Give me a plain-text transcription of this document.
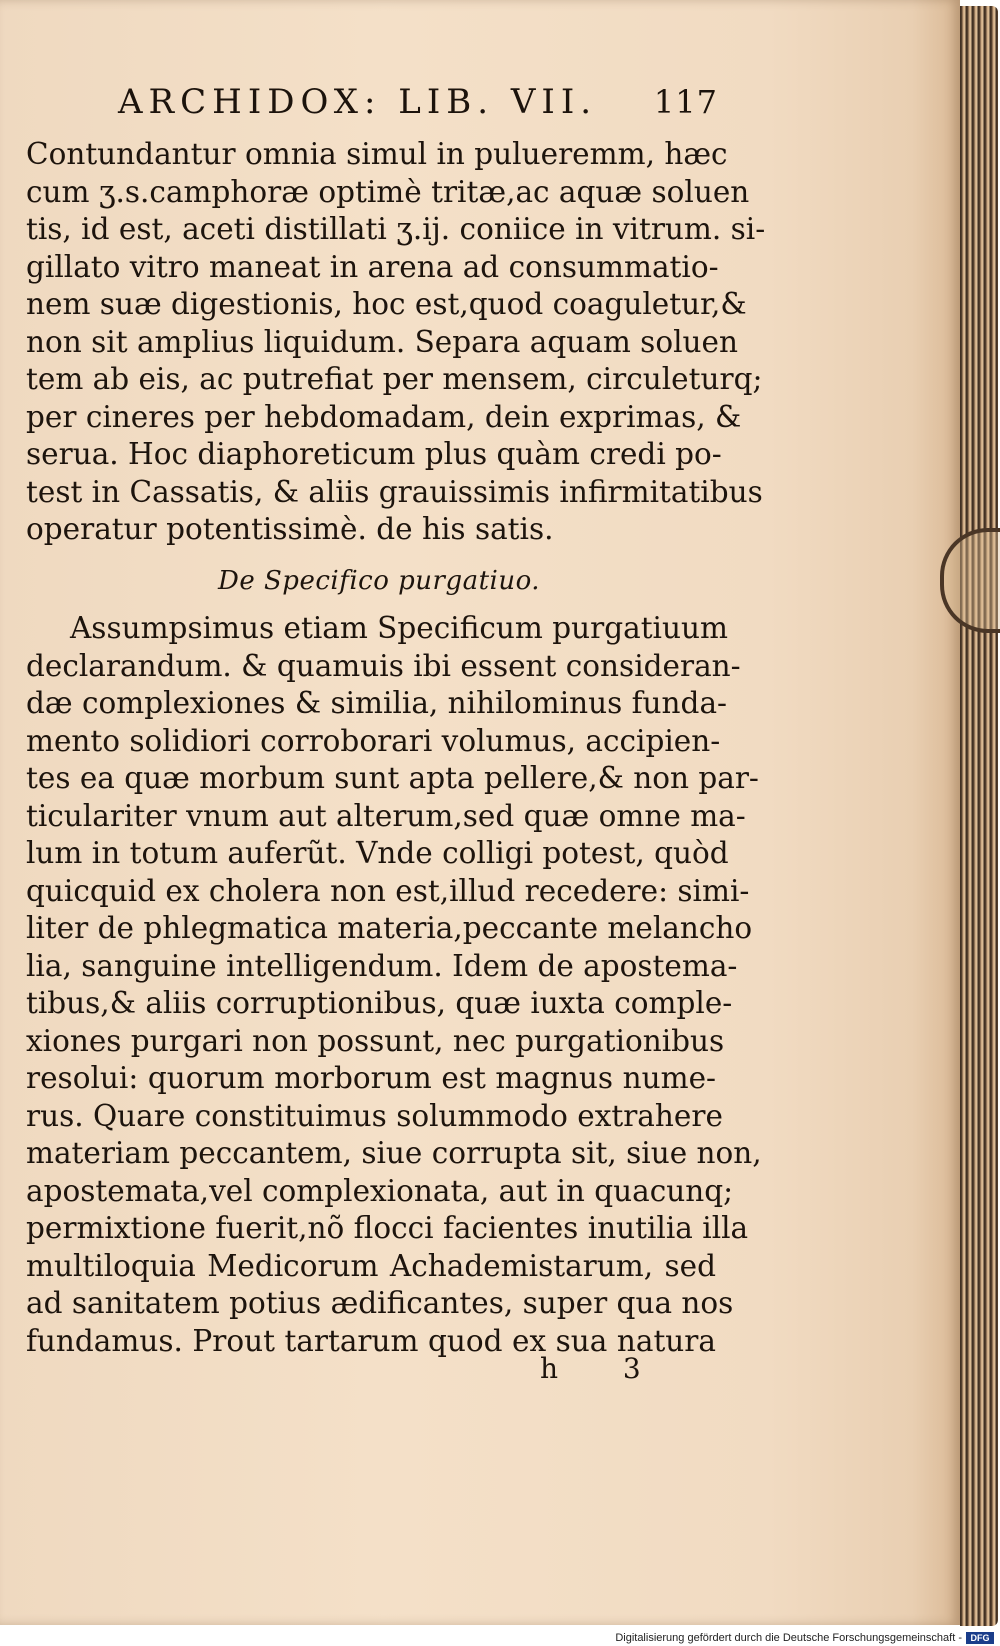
ARCHIDOX: LIB. VII. 117
Contundantur omnia simul in pulueremm, hæc
cum ʒ.s.camphoræ optimè tritæ,ac aquæ soluen
tis, id est, aceti distillati ʒ.ij. coniice in vitrum. si-
gillato vitro maneat in arena ad consummatio-
nem suæ digestionis, hoc est,quod coaguletur,&
non sit amplius liquidum. Separa aquam soluen
tem ab eis, ac putrefiat per mensem, circuleturq;
per cineres per hebdomadam, dein exprimas, &
serua. Hoc diaphoreticum plus quàm credi po-
test in Cassatis, & aliis grauissimis infirmitatibus
operatur potentissimè. de his satis.
De Specifico purgatiuo.
Assumpsimus etiam Specificum purgatiuum
declarandum. & quamuis ibi essent consideran-
dæ complexiones & similia, nihilominus funda-
mento solidiori corroborari volumus, accipien-
tes ea quæ morbum sunt apta pellere,& non par-
ticulariter vnum aut alterum,sed quæ omne ma-
lum in totum auferũt. Vnde colligi potest, quòd
quicquid ex cholera non est,illud recedere: simi-
liter de phlegmatica materia,peccante melancho
lia, sanguine intelligendum. Idem de apostema-
tibus,& aliis corruptionibus, quæ iuxta comple-
xiones purgari non possunt, nec purgationibus
resolui: quorum morborum est magnus nume-
rus. Quare constituimus solummodo extrahere
materiam peccantem, siue corrupta sit, siue non,
apostemata,vel complexionata, aut in quacunq;
permixtione fuerit,nõ flocci facientes inutilia illa
multiloquia Medicorum Achademistarum, sed
ad sanitatem potius ædificantes, super qua nos
fundamus. Prout tartarum quod ex sua natura
h 3
Digitalisierung gefördert durch die Deutsche Forschungsgemeinschaft - DFG
